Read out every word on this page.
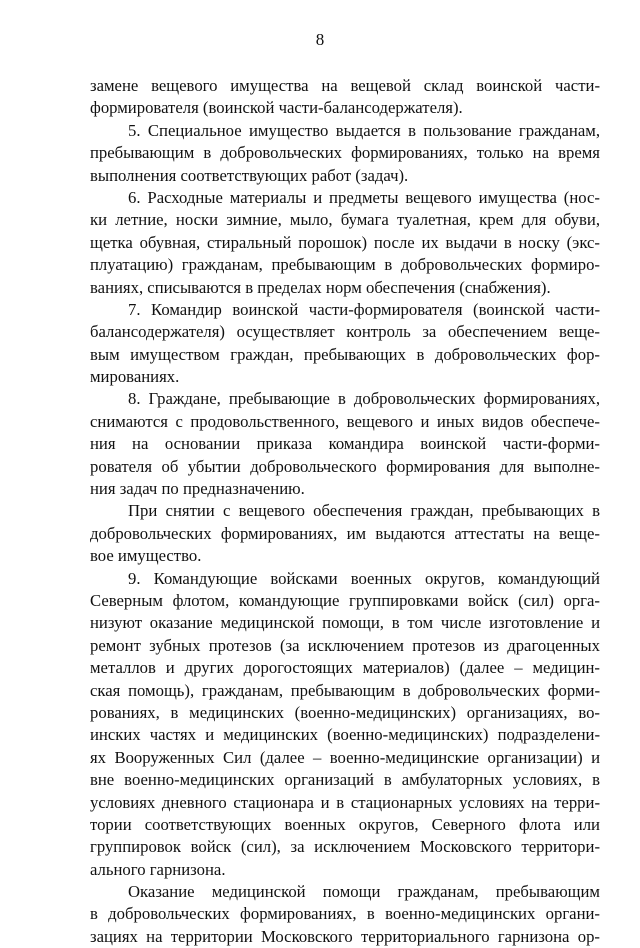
8
замене вещевого имущества на вещевой склад воинской части-
формирователя (воинской части-балансодержателя).
5. Специальное имущество выдается в пользование гражданам,
пребывающим в добровольческих формированиях, только на время
выполнения соответствующих работ (задач).
6. Расходные материалы и предметы вещевого имущества (нос-
ки летние, носки зимние, мыло, бумага туалетная, крем для обуви,
щетка обувная, стиральный порошок) после их выдачи в носку (экс-
плуатацию) гражданам, пребывающим в добровольческих формиро-
ваниях, списываются в пределах норм обеспечения (снабжения).
7. Командир воинской части-формирователя (воинской части-
балансодержателя) осуществляет контроль за обеспечением веще-
вым имуществом граждан, пребывающих в добровольческих фор-
мированиях.
8. Граждане, пребывающие в добровольческих формированиях,
снимаются с продовольственного, вещевого и иных видов обеспече-
ния на основании приказа командира воинской части-форми-
рователя об убытии добровольческого формирования для выполне-
ния задач по предназначению.
При снятии с вещевого обеспечения граждан, пребывающих в
добровольческих формированиях, им выдаются аттестаты на веще-
вое имущество.
9. Командующие войсками военных округов, командующий
Северным флотом, командующие группировками войск (сил) орга-
низуют оказание медицинской помощи, в том числе изготовление и
ремонт зубных протезов (за исключением протезов из драгоценных
металлов и других дорогостоящих материалов) (далее – медицин-
ская помощь), гражданам, пребывающим в добровольческих форми-
рованиях, в медицинских (военно-медицинских) организациях, во-
инских частях и медицинских (военно-медицинских) подразделени-
ях Вооруженных Сил (далее – военно-медицинские организации) и
вне военно-медицинских организаций в амбулаторных условиях, в
условиях дневного стационара и в стационарных условиях на терри-
тории соответствующих военных округов, Северного флота или
группировок войск (сил), за исключением Московского территори-
ального гарнизона.
Оказание медицинской помощи гражданам, пребывающим
в добровольческих формированиях, в военно-медицинских органи-
зациях на территории Московского территориального гарнизона ор-
